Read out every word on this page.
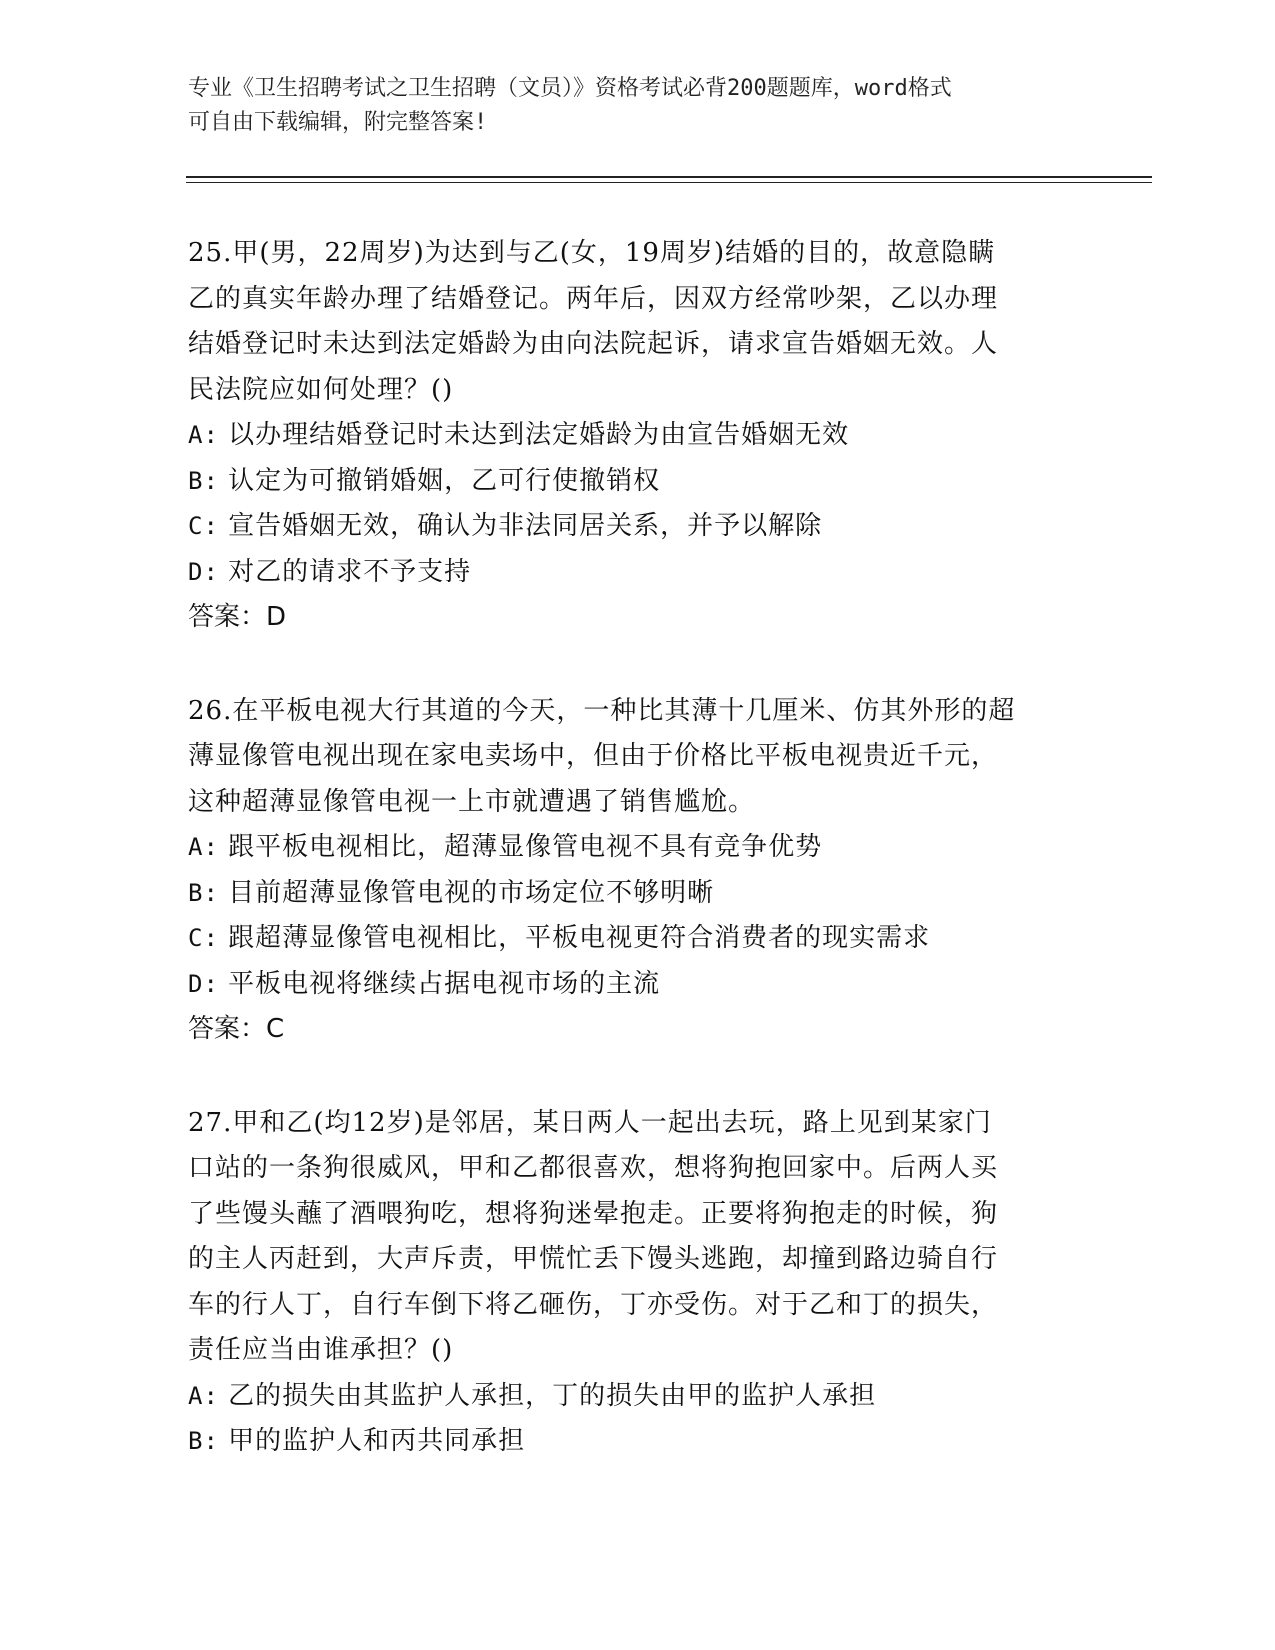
专业《卫生招聘考试之卫生招聘（文员）》资格考试必背200题题库，word格式
可自由下载编辑，附完整答案!
25.甲(男，22周岁)为达到与乙(女，19周岁)结婚的目的，故意隐瞒
乙的真实年龄办理了结婚登记。两年后，因双方经常吵架，乙以办理
结婚登记时未达到法定婚龄为由向法院起诉，请求宣告婚姻无效。人
民法院应如何处理？()
A: 以办理结婚登记时未达到法定婚龄为由宣告婚姻无效
B: 认定为可撤销婚姻，乙可行使撤销权
C: 宣告婚姻无效，确认为非法同居关系，并予以解除
D: 对乙的请求不予支持
答案：D
26.在平板电视大行其道的今天，一种比其薄十几厘米、仿其外形的超
薄显像管电视出现在家电卖场中，但由于价格比平板电视贵近千元，
这种超薄显像管电视一上市就遭遇了销售尴尬。
A: 跟平板电视相比，超薄显像管电视不具有竞争优势
B: 目前超薄显像管电视的市场定位不够明晰
C: 跟超薄显像管电视相比，平板电视更符合消费者的现实需求
D: 平板电视将继续占据电视市场的主流
答案：C
27.甲和乙(均12岁)是邻居，某日两人一起出去玩，路上见到某家门
口站的一条狗很威风，甲和乙都很喜欢，想将狗抱回家中。后两人买
了些馒头蘸了酒喂狗吃，想将狗迷晕抱走。正要将狗抱走的时候，狗
的主人丙赶到，大声斥责，甲慌忙丢下馒头逃跑，却撞到路边骑自行
车的行人丁，自行车倒下将乙砸伤，丁亦受伤。对于乙和丁的损失，
责任应当由谁承担？()
A: 乙的损失由其监护人承担，丁的损失由甲的监护人承担
B: 甲的监护人和丙共同承担
